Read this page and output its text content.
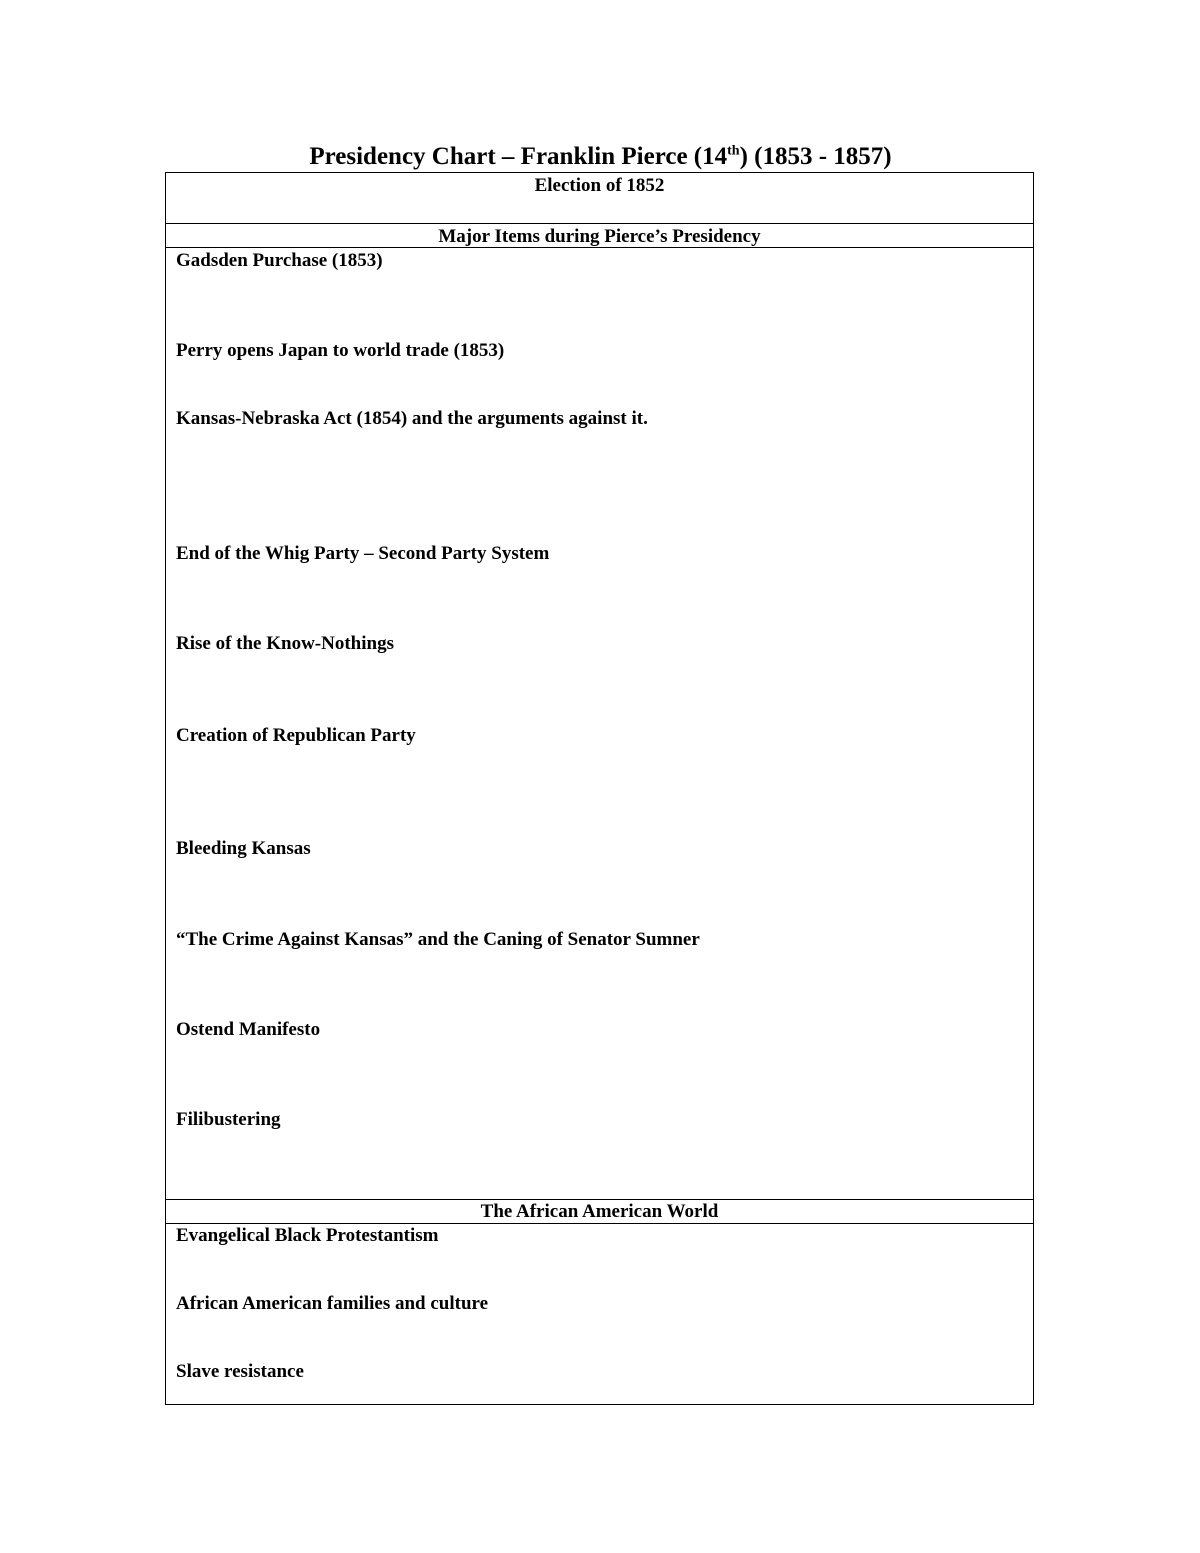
Presidency Chart – Franklin Pierce (14th) (1853 - 1857)
Election of 1852
Major Items during Pierce’s Presidency
Gadsden Purchase (1853)
Perry opens Japan to world trade (1853)
Kansas-Nebraska Act (1854) and the arguments against it.
End of the Whig Party – Second Party System
Rise of the Know-Nothings
Creation of Republican Party
Bleeding Kansas
“The Crime Against Kansas” and the Caning of Senator Sumner
Ostend Manifesto
Filibustering
The African American World
Evangelical Black Protestantism
African American families and culture
Slave resistance
